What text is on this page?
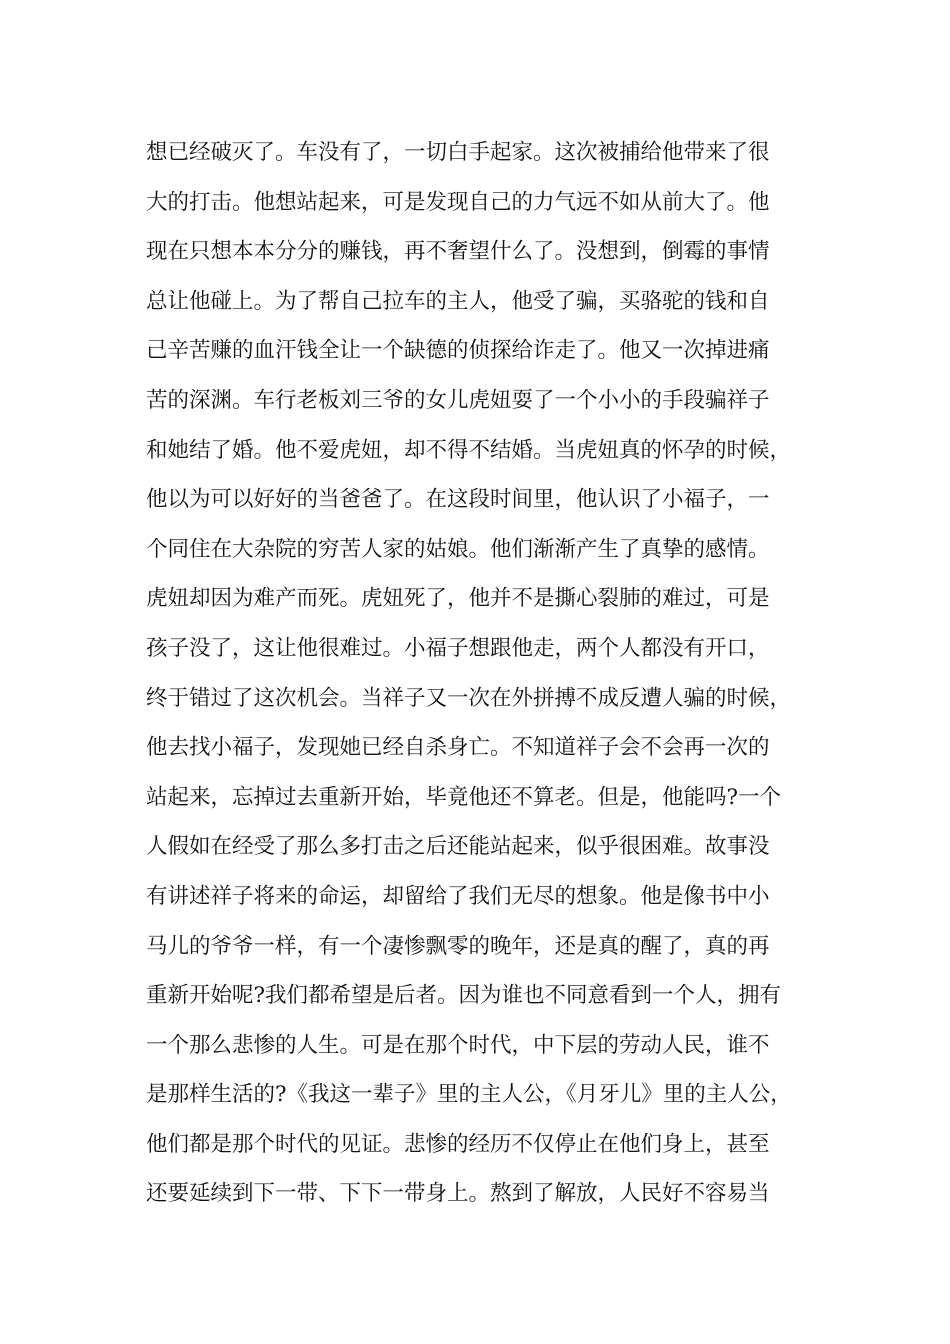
想已经破灭了。车没有了，一切白手起家。这次被捕给他带来了很
大的打击。他想站起来，可是发现自己的力气远不如从前大了。他
现在只想本本分分的赚钱，再不奢望什么了。没想到，倒霉的事情
总让他碰上。为了帮自己拉车的主人，他受了骗，买骆驼的钱和自
己辛苦赚的血汗钱全让一个缺德的侦探给诈走了。他又一次掉进痛
苦的深渊。车行老板刘三爷的女儿虎妞耍了一个小小的手段骗祥子
和她结了婚。他不爱虎妞，却不得不结婚。当虎妞真的怀孕的时候，
他以为可以好好的当爸爸了。在这段时间里，他认识了小福子，一
个同住在大杂院的穷苦人家的姑娘。他们渐渐产生了真挚的感情。
虎妞却因为难产而死。虎妞死了，他并不是撕心裂肺的难过，可是
孩子没了，这让他很难过。小福子想跟他走，两个人都没有开口，
终于错过了这次机会。当祥子又一次在外拼搏不成反遭人骗的时候，
他去找小福子，发现她已经自杀身亡。不知道祥子会不会再一次的
站起来，忘掉过去重新开始，毕竟他还不算老。但是，他能吗?一个
人假如在经受了那么多打击之后还能站起来，似乎很困难。故事没
有讲述祥子将来的命运，却留给了我们无尽的想象。他是像书中小
马儿的爷爷一样，有一个凄惨飘零的晚年，还是真的醒了，真的再
重新开始呢?我们都希望是后者。因为谁也不同意看到一个人，拥有
一个那么悲惨的人生。可是在那个时代，中下层的劳动人民，谁不
是那样生活的?《我这一辈子》里的主人公，《月牙儿》里的主人公，
他们都是那个时代的见证。悲惨的经历不仅停止在他们身上，甚至
还要延续到下一带、下下一带身上。熬到了解放，人民好不容易当
